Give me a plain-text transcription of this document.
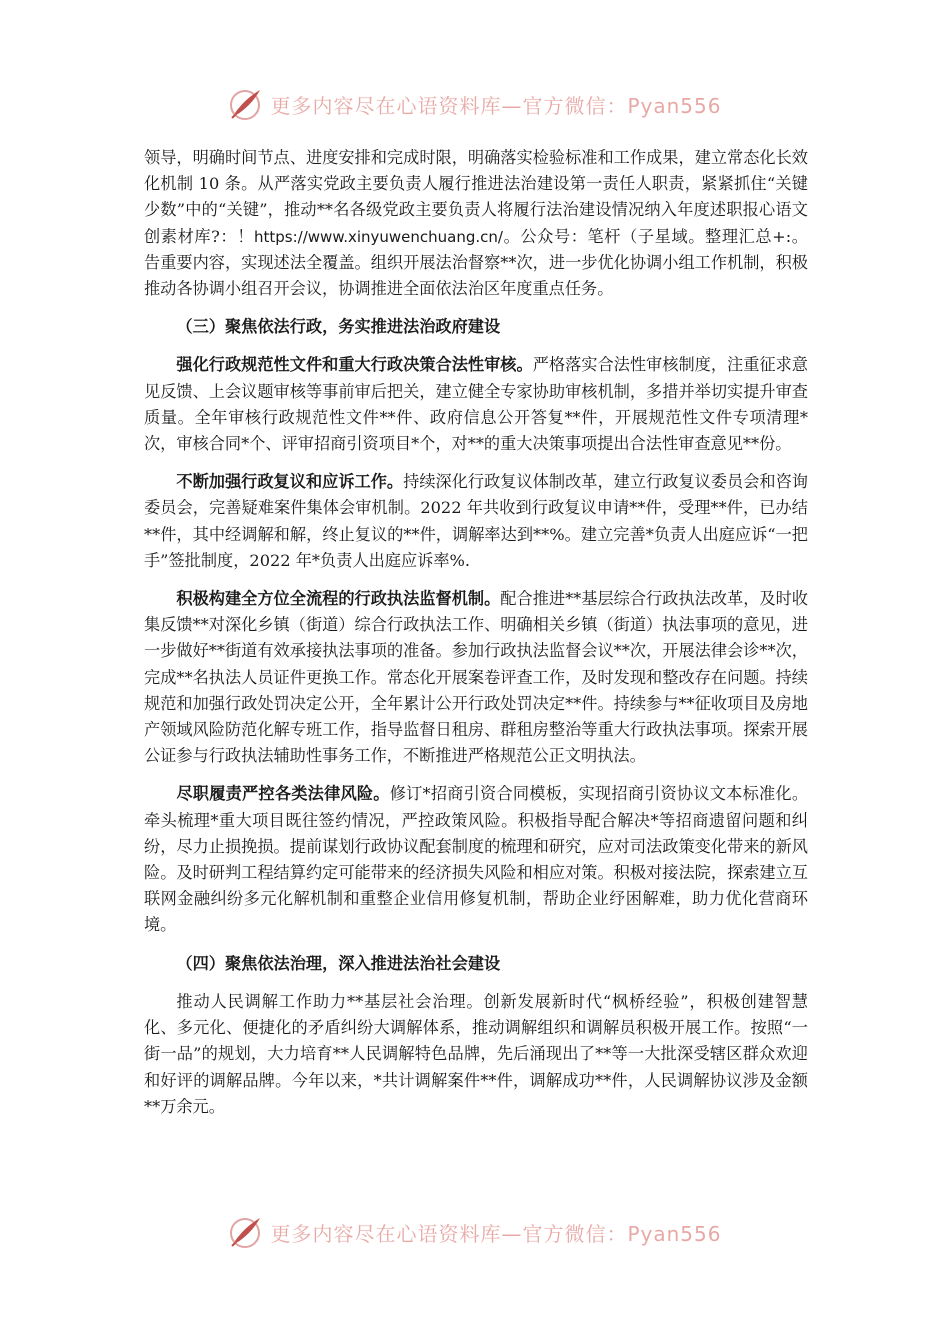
更多内容尽在心语资料库—官方微信：Pyan556

领导，明确时间节点、进度安排和完成时限，明确落实检验标准和工作成果，建立常态化长效化机制 10 条。从严落实党政主要负责人履行推进法治建设第一责任人职责，紧紧抓住“关键少数”中的“关键”，推动**名各级党政主要负责人将履行法治建设情况纳入年度述职报心语文创素材库?：！https://www.xinyuwenchuang.cn/。公众号：笔杆（子星域。整理汇总+:。告重要内容，实现述法全覆盖。组织开展法治督察**次，进一步优化协调小组工作机制，积极推动各协调小组召开会议，协调推进全面依法治区年度重点任务。

（三）聚焦依法行政，务实推进法治政府建设

强化行政规范性文件和重大行政决策合法性审核。严格落实合法性审核制度，注重征求意见反馈、上会议题审核等事前审后把关，建立健全专家协助审核机制，多措并举切实提升审查质量。全年审核行政规范性文件**件、政府信息公开答复**件，开展规范性文件专项清理*次，审核合同*个、评审招商引资项目*个，对**的重大决策事项提出合法性审查意见**份。

不断加强行政复议和应诉工作。持续深化行政复议体制改革，建立行政复议委员会和咨询委员会，完善疑难案件集体会审机制。2022 年共收到行政复议申请**件，受理**件，已办结**件，其中经调解和解，终止复议的**件，调解率达到**%。建立完善*负责人出庭应诉“一把手”签批制度，2022 年*负责人出庭应诉率%.

积极构建全方位全流程的行政执法监督机制。配合推进**基层综合行政执法改革，及时收集反馈**对深化乡镇（街道）综合行政执法工作、明确相关乡镇（街道）执法事项的意见，进一步做好**街道有效承接执法事项的准备。参加行政执法监督会议**次，开展法律会诊**次，完成**名执法人员证件更换工作。常态化开展案卷评查工作，及时发现和整改存在问题。持续规范和加强行政处罚决定公开，全年累计公开行政处罚决定**件。持续参与**征收项目及房地产领域风险防范化解专班工作，指导监督日租房、群租房整治等重大行政执法事项。探索开展公证参与行政执法辅助性事务工作，不断推进严格规范公正文明执法。

尽职履责严控各类法律风险。修订*招商引资合同模板，实现招商引资协议文本标准化。牵头梳理*重大项目既往签约情况，严控政策风险。积极指导配合解决*等招商遗留问题和纠纷，尽力止损挽损。提前谋划行政协议配套制度的梳理和研究，应对司法政策变化带来的新风险。及时研判工程结算约定可能带来的经济损失风险和相应对策。积极对接法院，探索建立互联网金融纠纷多元化解机制和重整企业信用修复机制，帮助企业纾困解难，助力优化营商环境。

（四）聚焦依法治理，深入推进法治社会建设

推动人民调解工作助力**基层社会治理。创新发展新时代“枫桥经验”，积极创建智慧化、多元化、便捷化的矛盾纠纷大调解体系，推动调解组织和调解员积极开展工作。按照“一街一品”的规划，大力培育**人民调解特色品牌，先后涌现出了**等一大批深受辖区群众欢迎和好评的调解品牌。今年以来，*共计调解案件**件，调解成功**件，人民调解协议涉及金额**万余元。

更多内容尽在心语资料库—官方微信：Pyan556
